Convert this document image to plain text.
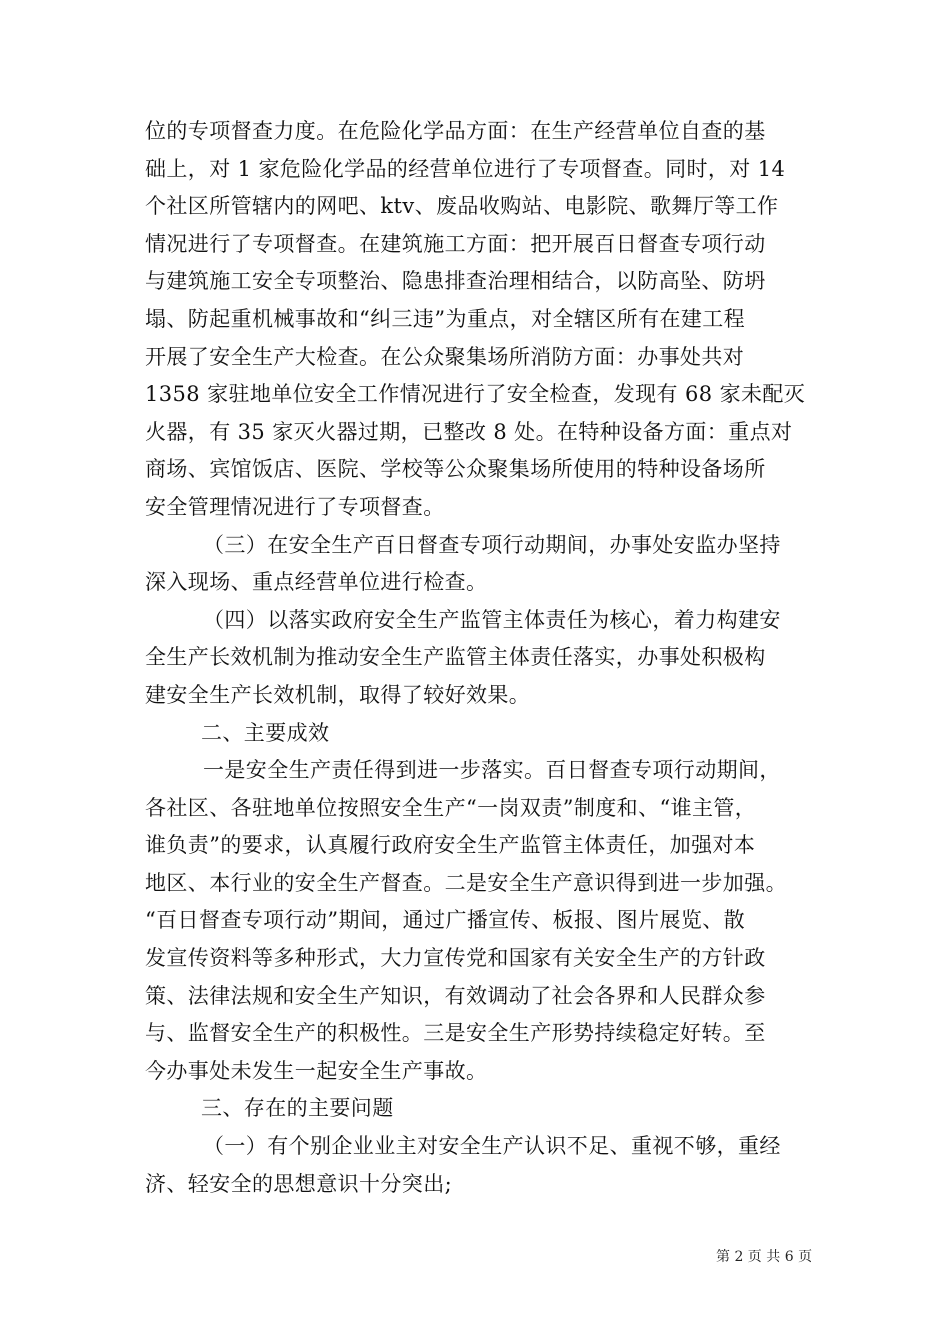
位的专项督查力度。在危险化学品方面：在生产经营单位自查的基
础上，对 1 家危险化学品的经营单位进行了专项督查。同时，对 14
个社区所管辖内的网吧、ktv、废品收购站、电影院、歌舞厅等工作
情况进行了专项督查。在建筑施工方面：把开展百日督查专项行动
与建筑施工安全专项整治、隐患排查治理相结合，以防高坠、防坍
塌、防起重机械事故和“纠三违”为重点，对全辖区所有在建工程
开展了安全生产大检查。在公众聚集场所消防方面：办事处共对
1358 家驻地单位安全工作情况进行了安全检查，发现有 68 家未配灭
火器，有 35 家灭火器过期，已整改 8 处。在特种设备方面：重点对
商场、宾馆饭店、医院、学校等公众聚集场所使用的特种设备场所
安全管理情况进行了专项督查。
（三）在安全生产百日督查专项行动期间，办事处安监办坚持
深入现场、重点经营单位进行检查。
（四）以落实政府安全生产监管主体责任为核心，着力构建安
全生产长效机制为推动安全生产监管主体责任落实，办事处积极构
建安全生产长效机制，取得了较好效果。
二、主要成效
一是安全生产责任得到进一步落实。百日督查专项行动期间，
各社区、各驻地单位按照安全生产“一岗双责”制度和、“谁主管，
谁负责”的要求，认真履行政府安全生产监管主体责任，加强对本
地区、本行业的安全生产督查。二是安全生产意识得到进一步加强。
“百日督查专项行动”期间，通过广播宣传、板报、图片展览、散
发宣传资料等多种形式，大力宣传党和国家有关安全生产的方针政
策、法律法规和安全生产知识，有效调动了社会各界和人民群众参
与、监督安全生产的积极性。三是安全生产形势持续稳定好转。至
今办事处未发生一起安全生产事故。
三、存在的主要问题
（一）有个别企业业主对安全生产认识不足、重视不够，重经
济、轻安全的思想意识十分突出;
第 2 页 共 6 页
